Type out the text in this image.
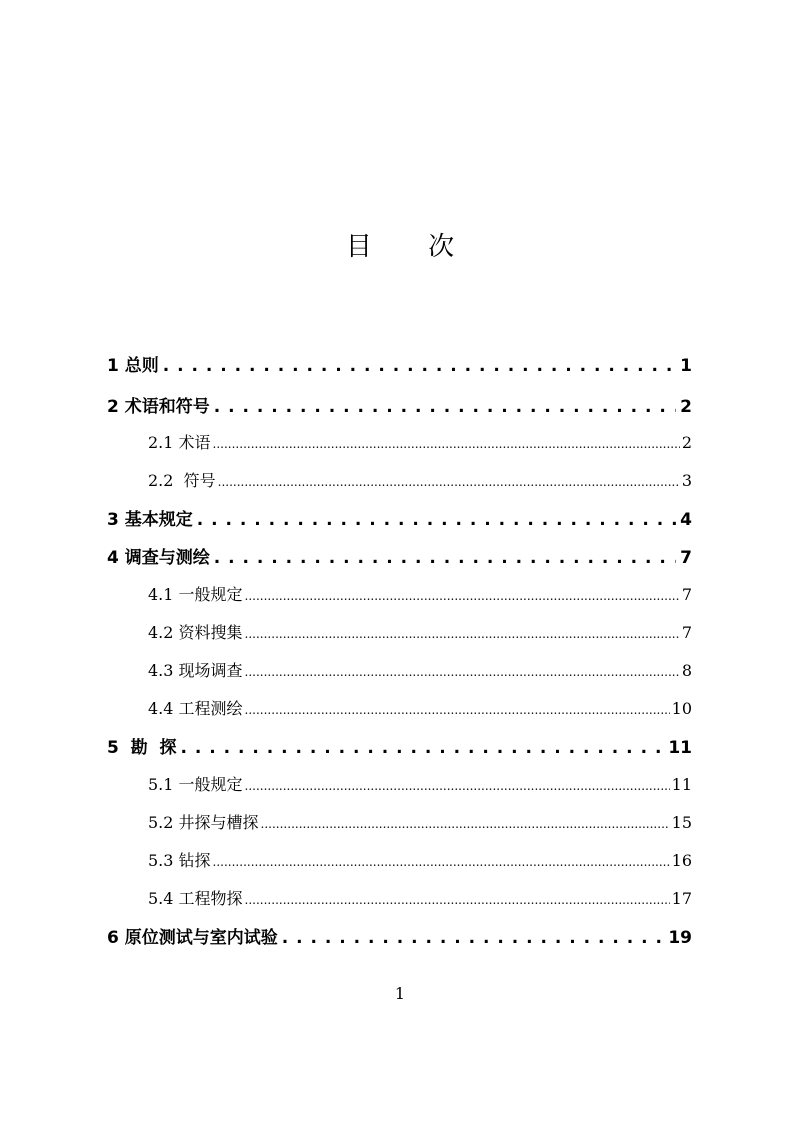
目 次
1 总则 . . .	1
2 术语和符号 . . .	2
2.1 术语 .....	2
2.2  符号 .....	3
3 基本规定 . . .	4
4 调查与测绘 . . .	7
4.1 一般规定 .....	7
4.2 资料搜集 .....	7
4.3 现场调查 .....	8
4.4 工程测绘 .....	10
5  勘  探 . . .	11
5.1 一般规定 .....	11
5.2 井探与槽探 .....	15
5.3 钻探 .....	16
5.4 工程物探 .....	17
6 原位测试与室内试验 . . .	19
1
